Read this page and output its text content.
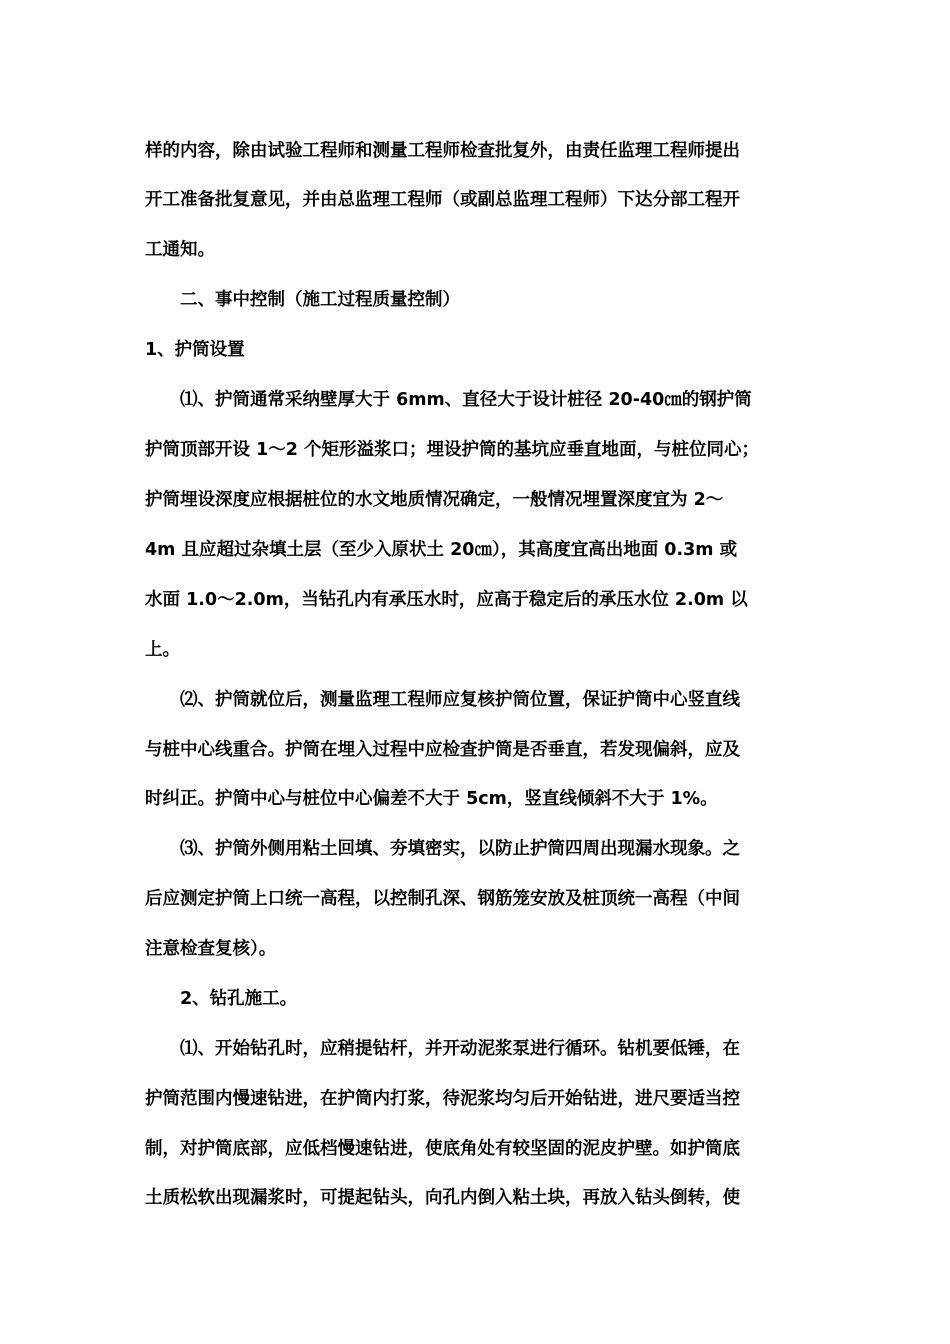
样的内容，除由试验工程师和测量工程师检查批复外，由责任监理工程师提出
开工准备批复意见，并由总监理工程师（或副总监理工程师）下达分部工程开
工通知。
二、事中控制（施工过程质量控制）
1、护筒设置
⑴、护筒通常采纳壁厚大于 6mm、直径大于设计桩径 20-40㎝的钢护筒
护筒顶部开设 1～2 个矩形溢浆口；埋设护筒的基坑应垂直地面，与桩位同心；
护筒埋设深度应根据桩位的水文地质情况确定，一般情况埋置深度宜为 2～
4m 且应超过杂填土层（至少入原状土 20㎝），其高度宜高出地面 0.3m 或
水面 1.0～2.0m，当钻孔内有承压水时，应高于稳定后的承压水位 2.0m 以
上。
⑵、护筒就位后，测量监理工程师应复核护筒位置，保证护筒中心竖直线
与桩中心线重合。护筒在埋入过程中应检查护筒是否垂直，若发现偏斜，应及
时纠正。护筒中心与桩位中心偏差不大于 5cm，竖直线倾斜不大于 1%。
⑶、护筒外侧用粘土回填、夯填密实，以防止护筒四周出现漏水现象。之
后应测定护筒上口统一高程，以控制孔深、钢筋笼安放及桩顶统一高程（中间
注意检查复核）。
2、钻孔施工。
⑴、开始钻孔时，应稍提钻杆，并开动泥浆泵进行循环。钻机要低锤，在
护筒范围内慢速钻进，在护筒内打浆，待泥浆均匀后开始钻进，进尺要适当控
制，对护筒底部，应低档慢速钻进，使底角处有较坚固的泥皮护壁。如护筒底
土质松软出现漏浆时，可提起钻头，向孔内倒入粘土块，再放入钻头倒转，使
